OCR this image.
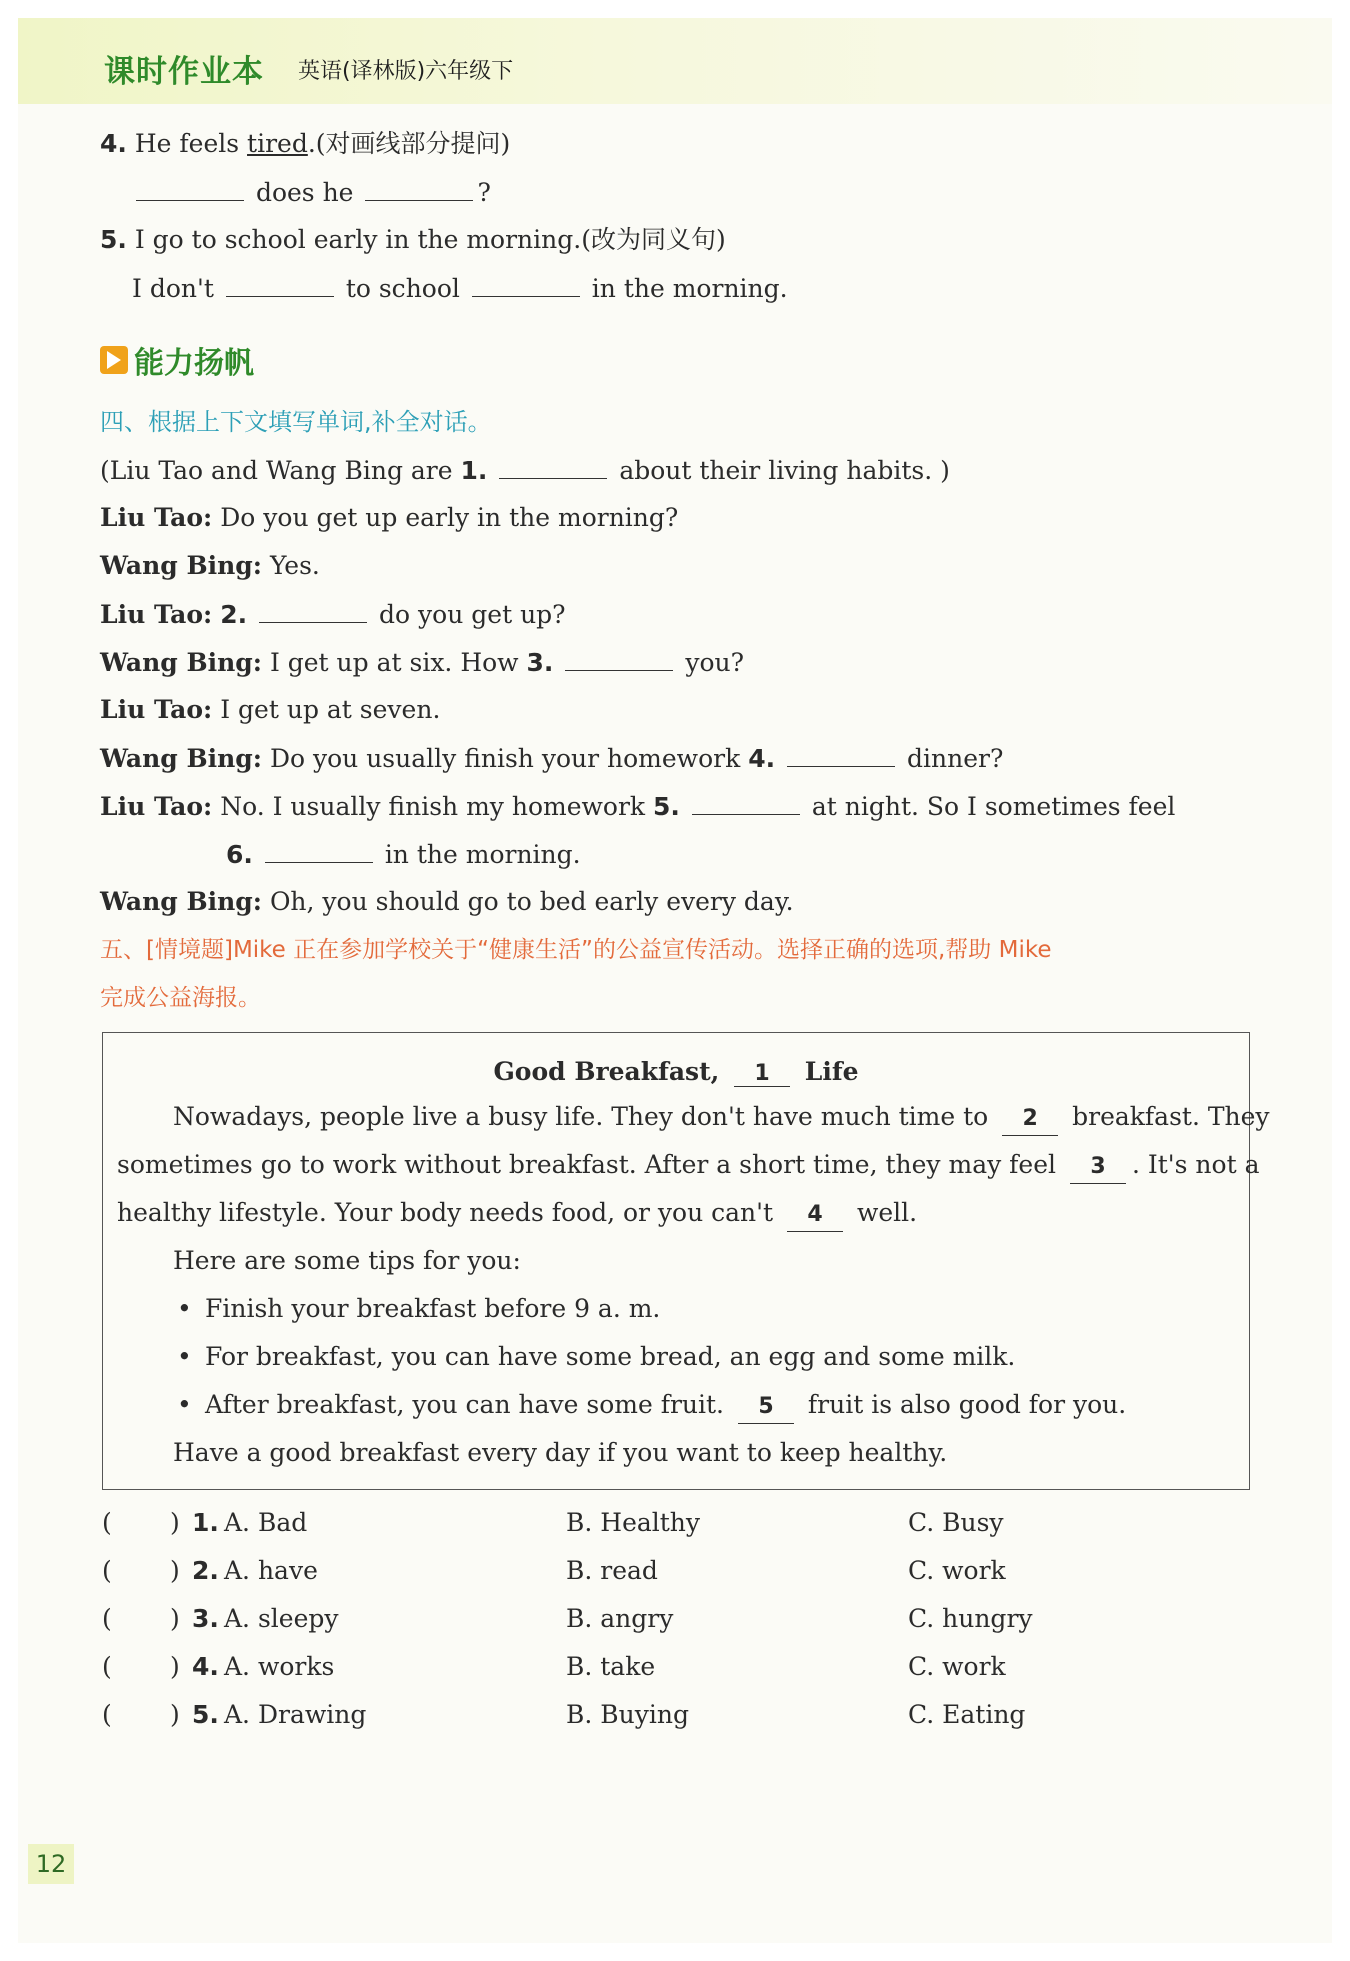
课时作业本 英语(译林版)六年级下
4. He feels tired.(对画线部分提问)
does he	?
5. I go to school early in the morning.(改为同义句)
I don't	to school	in the morning.
能力扬帆
四、根据上下文填写单词,补全对话。
(Liu Tao and Wang Bing are 1.	about their living habits. )
Liu Tao: Do you get up early in the morning?
Wang Bing: Yes.
Liu Tao: 2.	do you get up?
Wang Bing: I get up at six. How 3.	you?
Liu Tao: I get up at seven.
Wang Bing: Do you usually finish your homework 4.	dinner?
Liu Tao: No. I usually finish my homework 5.	at night. So I sometimes feel
6.	in the morning.
Wang Bing: Oh, you should go to bed early every day.
五、[情境题]Mike 正在参加学校关于“健康生活”的公益宣传活动。选择正确的选项,帮助 Mike
完成公益海报。
Good Breakfast, 1 Life
Nowadays, people live a busy life. They don't have much time to 2 breakfast. They
sometimes go to work without breakfast. After a short time, they may feel 3 . It's not a
healthy lifestyle. Your body needs food, or you can't 4 well.
Here are some tips for you:
• Finish your breakfast before 9 a. m.
• For breakfast, you can have some bread, an egg and some milk.
• After breakfast, you can have some fruit. 5 fruit is also good for you.
Have a good breakfast every day if you want to keep healthy.
( ) 1. A. Bad	B. Healthy	C. Busy
( ) 2. A. have	B. read	C. work
( ) 3. A. sleepy	B. angry	C. hungry
( ) 4. A. works	B. take	C. work
( ) 5. A. Drawing	B. Buying	C. Eating
12
